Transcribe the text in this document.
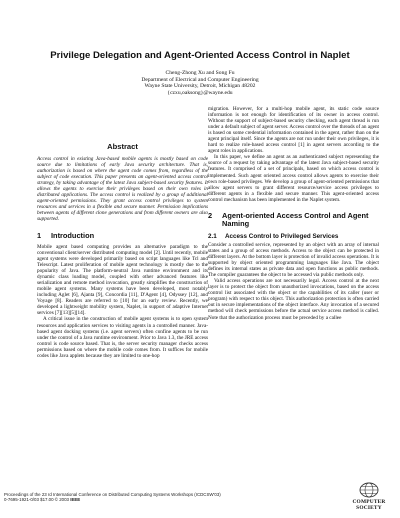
Privilege Delegation and Agent-Oriented Access Control in Naplet
Cheng-Zhong Xu and Song Fu
Department of Electrical and Computer Engineering
Wayne State University, Detroit, Michigan 48202
{czxu,oaksong}@wayne.edu
Abstract

Access control in existing Java-based mobile agents is mostly based on code source due to limitations of early Java security architecture. That is, authorization is based on where the agent code comes from, regardless of the subject of code execution. This paper presents an agent-oriented access control strategy, by taking advantage of the latest Java subject-based security features. It allows the agents to exercise their privileges based on their own roles in distributed applications. The access control is realized by a group of additional agent-oriented permissions. They grant access control privileges to system resources and services in a flexible and secure manner. Permission implications between agents of different clone generations and from different owners are also supported.

1 Introduction

Mobile agent based computing provides an alternative paradigm to the conventional client/server distributed computing model [2]. Until recently, mobile agent systems were developed primarily based on script languages like Tcl and Telescript. Latest proliferation of mobile agent technology is mostly due to the popularity of Java. The platform-neutral Java runtime environment and its dynamic class loading model, coupled with other advanced features like serialization and remote method invocation, greatly simplifies the construction of mobile agent systems. Many systems have been developed, most notably including Aglet [6], Ajanta [9], Concordia [11], D'Agent [4], Odyssey [12], and Voyage [8]. Readers are referred to [10] for an early review. Recently, we developed a lightweight mobility system, Naplet, in support of adaptive Internet services [7][13][5][14].

A critical issue in the construction of mobile agent systems is to open system resources and application services to visiting agents in a controlled manner. Java-based agent docking systems (i.e. agent servers) often confine agents to be run under the control of a Java runtime environment. Prior to Java 1.3, the JRE access control is code source based. That is, the server security manager checks access permissions based on where the mobile code comes from. It suffices for mobile codes like Java applets because they are limited to one-hop

migration. However, for a multi-hop mobile agent, its static code source information is not enough for identification of its owner in access control. Without the support of subject-based security checking, each agent thread is run under a default subject of agent server. Access control over the threads of an agent is based on some credential information contained in the agent, rather than on the agent principal itself. Since the agents are not run under their own privileges, it is hard to realize role-based access control [1] in agent servers according to the agent roles in applications.

In this paper, we define an agent as an authenticated subject representing the source of a request by taking advantage of the latest Java subject-based security features. It comprised of a set of principals, based on which access control is implemented. Such agent oriented access control allows agents to exercise their own role-based privileges. We develop a group of agent-oriented permissions that allow agent servers to grant different resource/service access privileges to different agents in a flexible and secure manner. This agent-oriented access control mechanism has been implemented in the Naplet system.

2	Agent-oriented Access Control and Agent Naming
2.1 Access Control to Privileged Services

Consider a controlled service, represented by an object with an array of internal states and a group of access methods. Access to the object can be protected in different layers. At the bottom layer is protection of invalid access operations. It is supported by object oriented programming languages like Java. The object defines its internal states as private data and open functions as public methods. The compiler guarantees the object to be accessed via public methods only.

Valid access operations are not necessarily legal. Access control at the next layer is to protect the object from unauthorized invocations, based on the access control list associated with the object or the capabilities of its caller (user or program) with respect to this object. This authorization protection is often carried out in secure implementations of the object interface. Any invocation of a secured method will check permissions before the actual service access method is called. Note that the authorization process must be preceded by a callee

Proceedings of the 23 rd International Conference on Distributed Computing Systems Workshops (ICDCSW'03)
0-7695-1921-0/03 $17.00 © 2003 IEEE	COMPUTER
SOCIETY
